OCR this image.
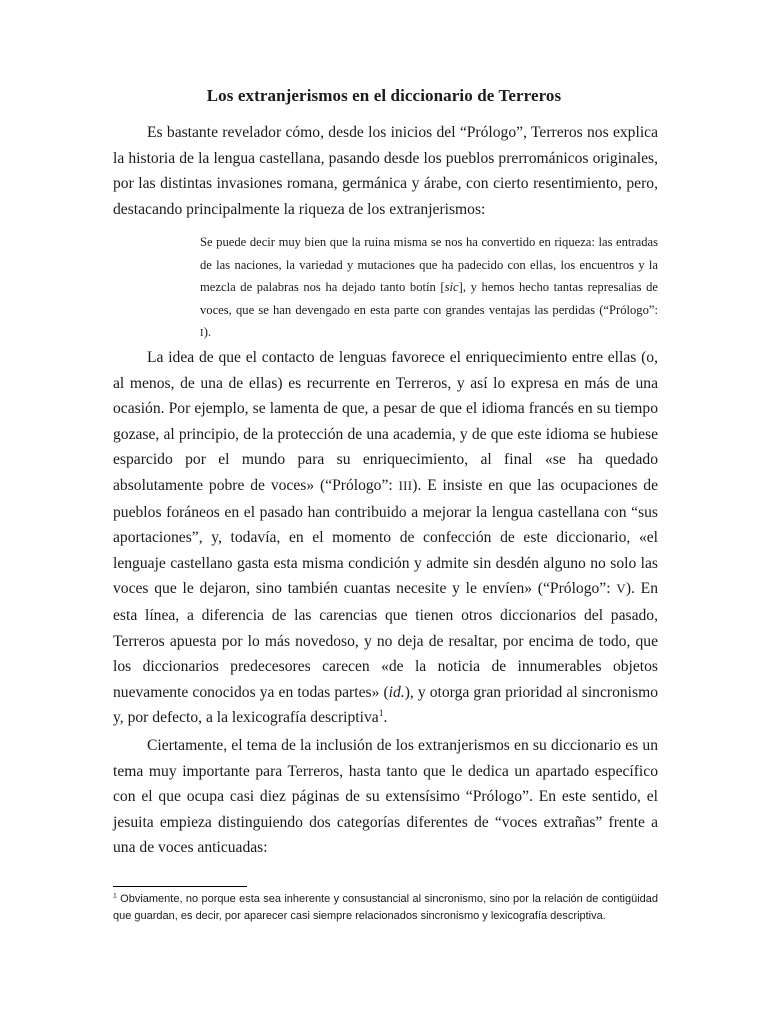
Los extranjerismos en el diccionario de Terreros

Es bastante revelador cómo, desde los inicios del “Prólogo”, Terreros nos explica la historia de la lengua castellana, pasando desde los pueblos prerrománicos originales, por las distintas invasiones romana, germánica y árabe, con cierto resentimiento, pero, destacando principalmente la riqueza de los extranjerismos:

Se puede decir muy bien que la ruina misma se nos ha convertido en riqueza: las entradas de las naciones, la variedad y mutaciones que ha padecido con ellas, los encuentros y la mezcla de palabras nos ha dejado tanto botín [sic], y hemos hecho tantas represalias de voces, que se han devengado en esta parte con grandes ventajas las perdidas (“Prólogo”: I).

La idea de que el contacto de lenguas favorece el enriquecimiento entre ellas (o, al menos, de una de ellas) es recurrente en Terreros, y así lo expresa en más de una ocasión. Por ejemplo, se lamenta de que, a pesar de que el idioma francés en su tiempo gozase, al principio, de la protección de una academia, y de que este idioma se hubiese esparcido por el mundo para su enriquecimiento, al final «se ha quedado absolutamente pobre de voces» (“Prólogo”: III). E insiste en que las ocupaciones de pueblos foráneos en el pasado han contribuido a mejorar la lengua castellana con “sus aportaciones”, y, todavía, en el momento de confección de este diccionario, «el lenguaje castellano gasta esta misma condición y admite sin desdén alguno no solo las voces que le dejaron, sino también cuantas necesite y le envíen» (“Prólogo”: V). En esta línea, a diferencia de las carencias que tienen otros diccionarios del pasado, Terreros apuesta por lo más novedoso, y no deja de resaltar, por encima de todo, que los diccionarios predecesores carecen «de la noticia de innumerables objetos nuevamente conocidos ya en todas partes» (id.), y otorga gran prioridad al sincronismo y, por defecto, a la lexicografía descriptiva$^1$.

Ciertamente, el tema de la inclusión de los extranjerismos en su diccionario es un tema muy importante para Terreros, hasta tanto que le dedica un apartado específico con el que ocupa casi diez páginas de su extensísimo “Prólogo”. En este sentido, el jesuita empieza distinguiendo dos categorías diferentes de “voces extrañas” frente a una de voces anticuadas:

$^1$ Obviamente, no porque esta sea inherente y consustancial al sincronismo, sino por la relación de contigüidad que guardan, es decir, por aparecer casi siempre relacionados sincronismo y lexicografía descriptiva.
